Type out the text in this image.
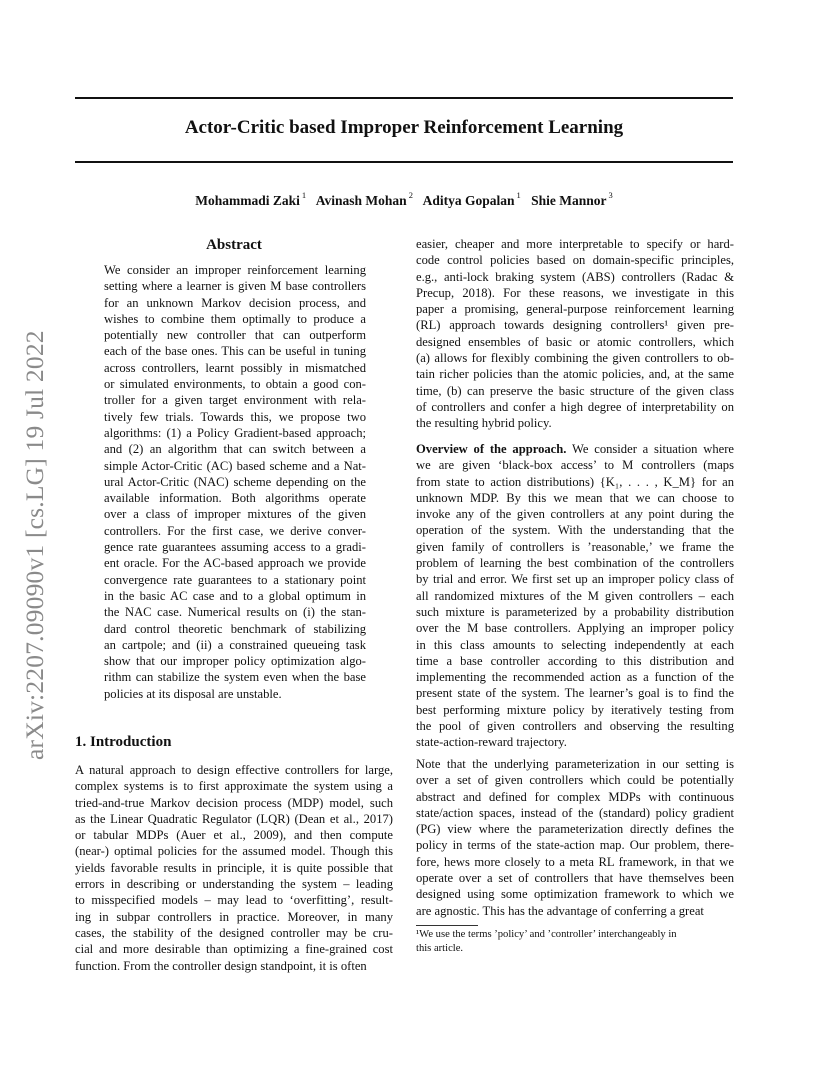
arXiv:2207.09090v1 [cs.LG] 19 Jul 2022
Actor-Critic based Improper Reinforcement Learning
Mohammadi Zaki $^1$ Avinash Mohan $^2$ Aditya Gopalan $^1$ Shie Mannor $^3$
Abstract
We consider an improper reinforcement learning
setting where a learner is given M base controllers
for an unknown Markov decision process, and
wishes to combine them optimally to produce a
potentially new controller that can outperform
each of the base ones. This can be useful in tuning
across controllers, learnt possibly in mismatched
or simulated environments, to obtain a good con-
troller for a given target environment with rela-
tively few trials. Towards this, we propose two
algorithms: (1) a Policy Gradient-based approach;
and (2) an algorithm that can switch between a
simple Actor-Critic (AC) based scheme and a Nat-
ural Actor-Critic (NAC) scheme depending on the
available information. Both algorithms operate
over a class of improper mixtures of the given
controllers. For the first case, we derive conver-
gence rate guarantees assuming access to a gradi-
ent oracle. For the AC-based approach we provide
convergence rate guarantees to a stationary point
in the basic AC case and to a global optimum in
the NAC case. Numerical results on (i) the stan-
dard control theoretic benchmark of stabilizing
an cartpole; and (ii) a constrained queueing task
show that our improper policy optimization algo-
rithm can stabilize the system even when the base
policies at its disposal are unstable.
1. Introduction
A natural approach to design effective controllers for large,
complex systems is to first approximate the system using a
tried-and-true Markov decision process (MDP) model, such
as the Linear Quadratic Regulator (LQR) (Dean et al., 2017)
or tabular MDPs (Auer et al., 2009), and then compute
(near-) optimal policies for the assumed model. Though this
yields favorable results in principle, it is quite possible that
errors in describing or understanding the system – leading
to misspecified models – may lead to ‘overfitting’, result-
ing in subpar controllers in practice. Moreover, in many
cases, the stability of the designed controller may be cru-
cial and more desirable than optimizing a fine-grained cost
function. From the controller design standpoint, it is often
easier, cheaper and more interpretable to specify or hard-
code control policies based on domain-specific principles,
e.g., anti-lock braking system (ABS) controllers (Radac &
Precup, 2018). For these reasons, we investigate in this
paper a promising, general-purpose reinforcement learning
(RL) approach towards designing controllers¹ given pre-
designed ensembles of basic or atomic controllers, which
(a) allows for flexibly combining the given controllers to ob-
tain richer policies than the atomic policies, and, at the same
time, (b) can preserve the basic structure of the given class
of controllers and confer a high degree of interpretability on
the resulting hybrid policy.
Overview of the approach. We consider a situation where
we are given ‘black-box access’ to M controllers (maps
from state to action distributions) {K₁, . . . , K_M} for an
unknown MDP. By this we mean that we can choose to
invoke any of the given controllers at any point during the
operation of the system. With the understanding that the
given family of controllers is ’reasonable,’ we frame the
problem of learning the best combination of the controllers
by trial and error. We first set up an improper policy class of
all randomized mixtures of the M given controllers – each
such mixture is parameterized by a probability distribution
over the M base controllers. Applying an improper policy
in this class amounts to selecting independently at each
time a base controller according to this distribution and
implementing the recommended action as a function of the
present state of the system. The learner’s goal is to find the
best performing mixture policy by iteratively testing from
the pool of given controllers and observing the resulting
state-action-reward trajectory.
Note that the underlying parameterization in our setting is
over a set of given controllers which could be potentially
abstract and defined for complex MDPs with continuous
state/action spaces, instead of the (standard) policy gradient
(PG) view where the parameterization directly defines the
policy in terms of the state-action map. Our problem, there-
fore, hews more closely to a meta RL framework, in that we
operate over a set of controllers that have themselves been
designed using some optimization framework to which we
are agnostic. This has the advantage of conferring a great
¹We use the terms ’policy’ and ’controller’ interchangeably in
this article.
